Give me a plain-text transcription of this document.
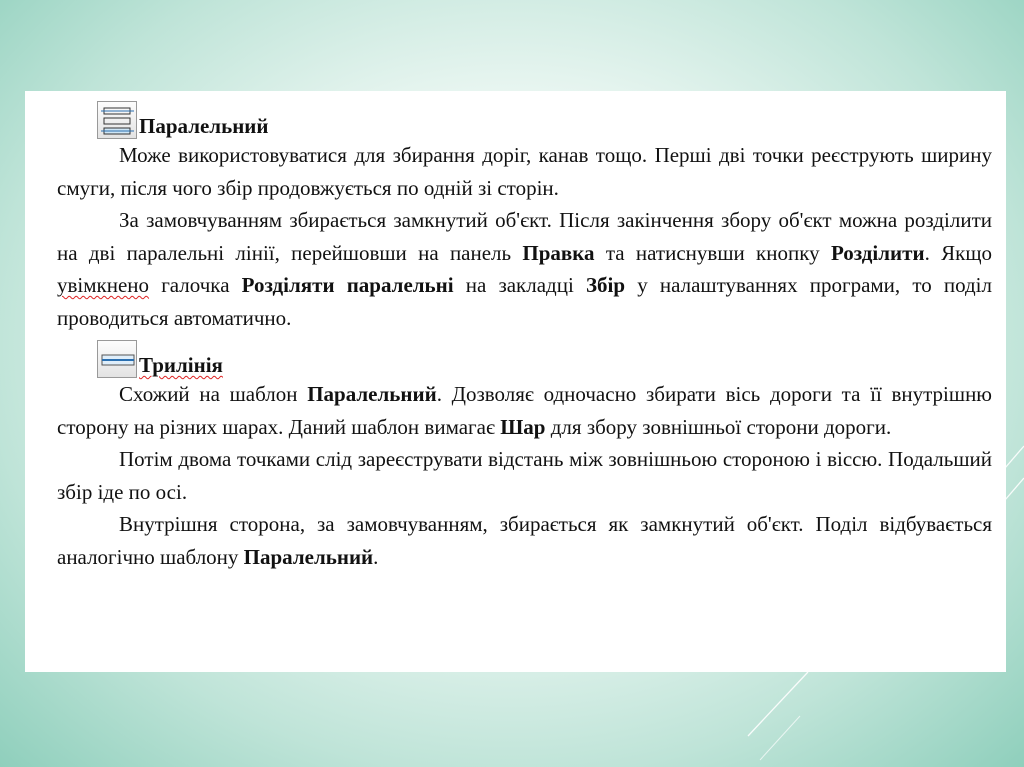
Паралельний

Може використовуватися для збирання доріг, канав тощо. Перші дві точки реєструють ширину смуги, після чого збір продовжується по одній зі сторін.

За замовчуванням збирається замкнутий об'єкт. Після закінчення збору об'єкт можна розділити на дві паралельні лінії, перейшовши на панель Правка та натиснувши кнопку Розділити. Якщо увімкнено галочка Розділяти паралельні на закладці Збір у налаштуваннях програми, то поділ проводиться автоматично.

Трилінія

Схожий на шаблон Паралельний. Дозволяє одночасно збирати вісь дороги та її внутрішню сторону на різних шарах. Даний шаблон вимагає Шар для збору зовнішньої сторони дороги.

Потім двома точками слід зареєструвати відстань між зовнішньою стороною і віссю. Подальший збір іде по осі.

Внутрішня сторона, за замовчуванням, збирається як замкнутий об'єкт. Поділ відбувається аналогічно шаблону Паралельний.
